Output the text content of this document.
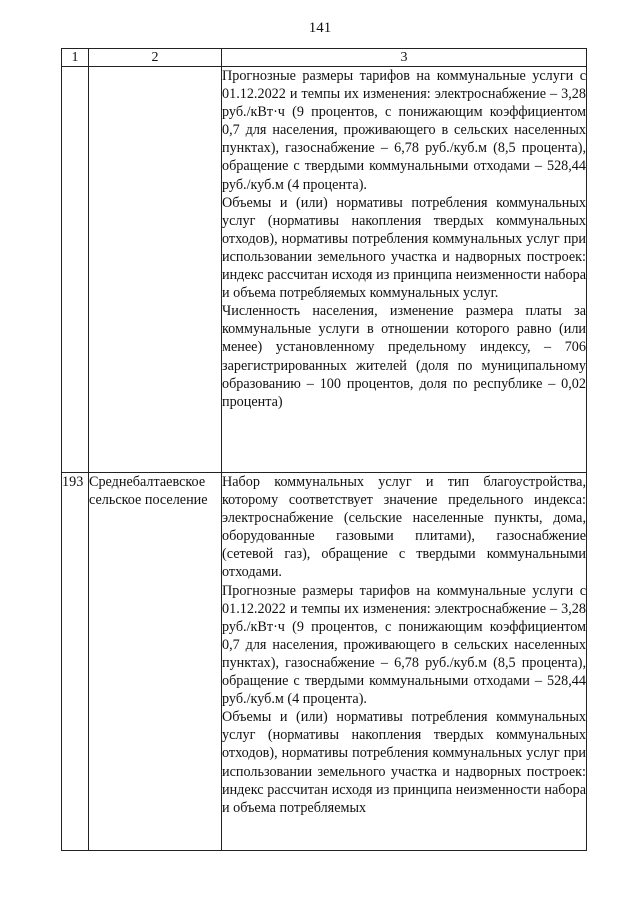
141
1	2	3

		Прогнозные размеры тарифов на коммунальные услуги с 01.12.2022 и темпы их изменения: электроснабжение – 3,28 руб./кВт·ч (9 процентов, с понижающим коэффициентом 0,7 для населения, проживающего в сельских населенных пунктах), газоснабжение – 6,78 руб./куб.м (8,5 процента), обращение с твердыми коммунальными отходами – 528,44 руб./куб.м (4 процента).

Объемы и (или) нормативы потребления коммунальных услуг (нормативы накопления твердых коммунальных отходов), нормативы потребления коммунальных услуг при использовании земельного участка и надворных построек: индекс рассчитан исходя из принципа неизменности набора и объема потребляемых коммунальных услуг.

Численность населения, изменение размера платы за коммунальные услуги в отношении которого равно (или менее) установленному предельному индексу, – 706 зарегистрированных жителей (доля по муниципальному образованию – 100 процентов, доля по республике – 0,02 процента)

193	Среднебалтаевское сельское поселение	Набор коммунальных услуг и тип благоустройства, которому соответствует значение предельного индекса: электроснабжение (сельские населенные пункты, дома, оборудованные газовыми плитами), газоснабжение (сетевой газ), обращение с твердыми коммунальными отходами.

Прогнозные размеры тарифов на коммунальные услуги с 01.12.2022 и темпы их изменения: электроснабжение – 3,28 руб./кВт·ч (9 процентов, с понижающим коэффициентом 0,7 для населения, проживающего в сельских населенных пунктах), газоснабжение – 6,78 руб./куб.м (8,5 процента), обращение с твердыми коммунальными отходами – 528,44 руб./куб.м (4 процента).

Объемы и (или) нормативы потребления коммунальных услуг (нормативы накопления твердых коммунальных отходов), нормативы потребления коммунальных услуг при использовании земельного участка и надворных построек: индекс рассчитан исходя из принципа неизменности набора и объема потребляемых
